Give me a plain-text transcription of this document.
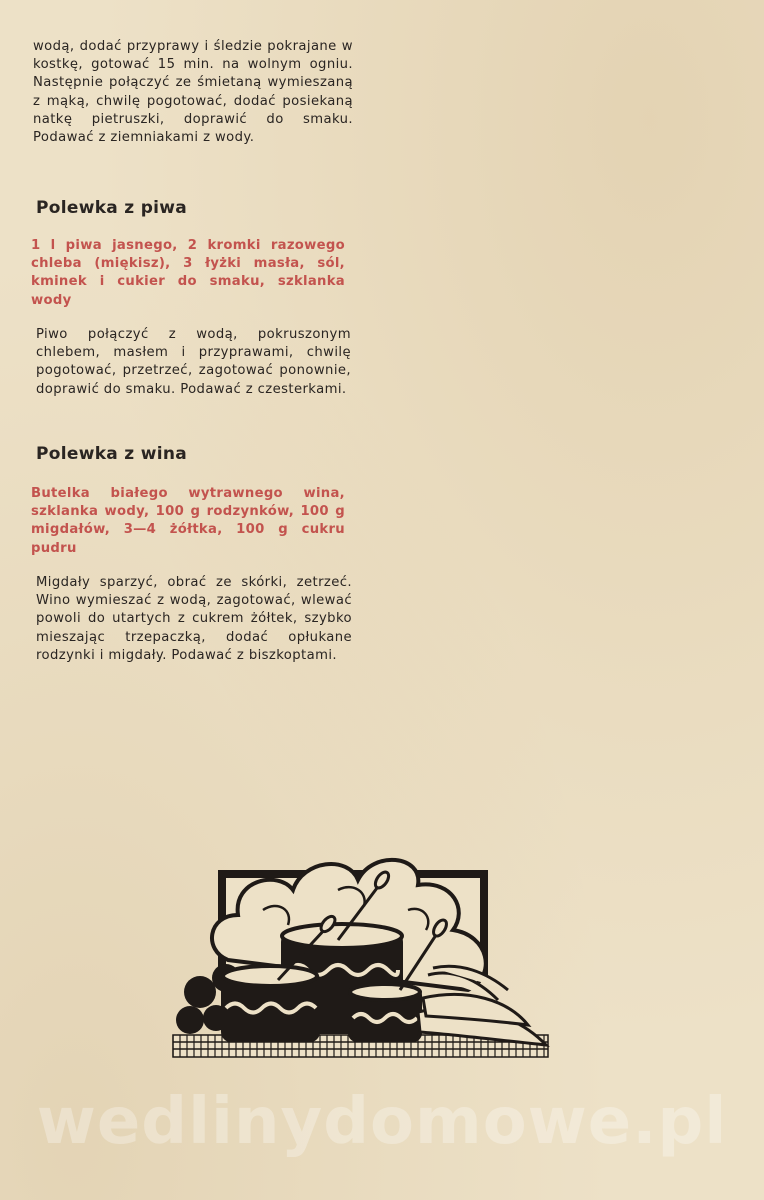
wodą, dodać przyprawy i śledzie pokrajane w kostkę, gotować 15 min. na wolnym ogniu. Następnie połączyć ze śmietaną wymieszaną z mąką, chwilę pogotować, dodać posiekaną natkę pietruszki, doprawić do smaku. Podawać z ziemniakami z wody.

Polewka z piwa

1 l piwa jasnego, 2 kromki razowego chleba (miękisz), 3 łyżki masła, sól, kminek i cukier do smaku, szklanka wody

Piwo połączyć z wodą, pokruszonym chlebem, masłem i przyprawami, chwilę pogotować, przetrzeć, zagotować ponownie, doprawić do smaku. Podawać z czesterkami.

Polewka z wina

Butelka białego wytrawnego wina, szklanka wody, 100 g rodzynków, 100 g migdałów, 3—4 żółtka, 100 g cukru pudru

Migdały sparzyć, obrać ze skórki, zetrzeć. Wino wymieszać z wodą, zagotować, wlewać powoli do utartych z cukrem żółtek, szybko mieszając trzepaczką, dodać opłukane rodzynki i migdały. Podawać z biszkoptami.

wedlinydomowe.pl
